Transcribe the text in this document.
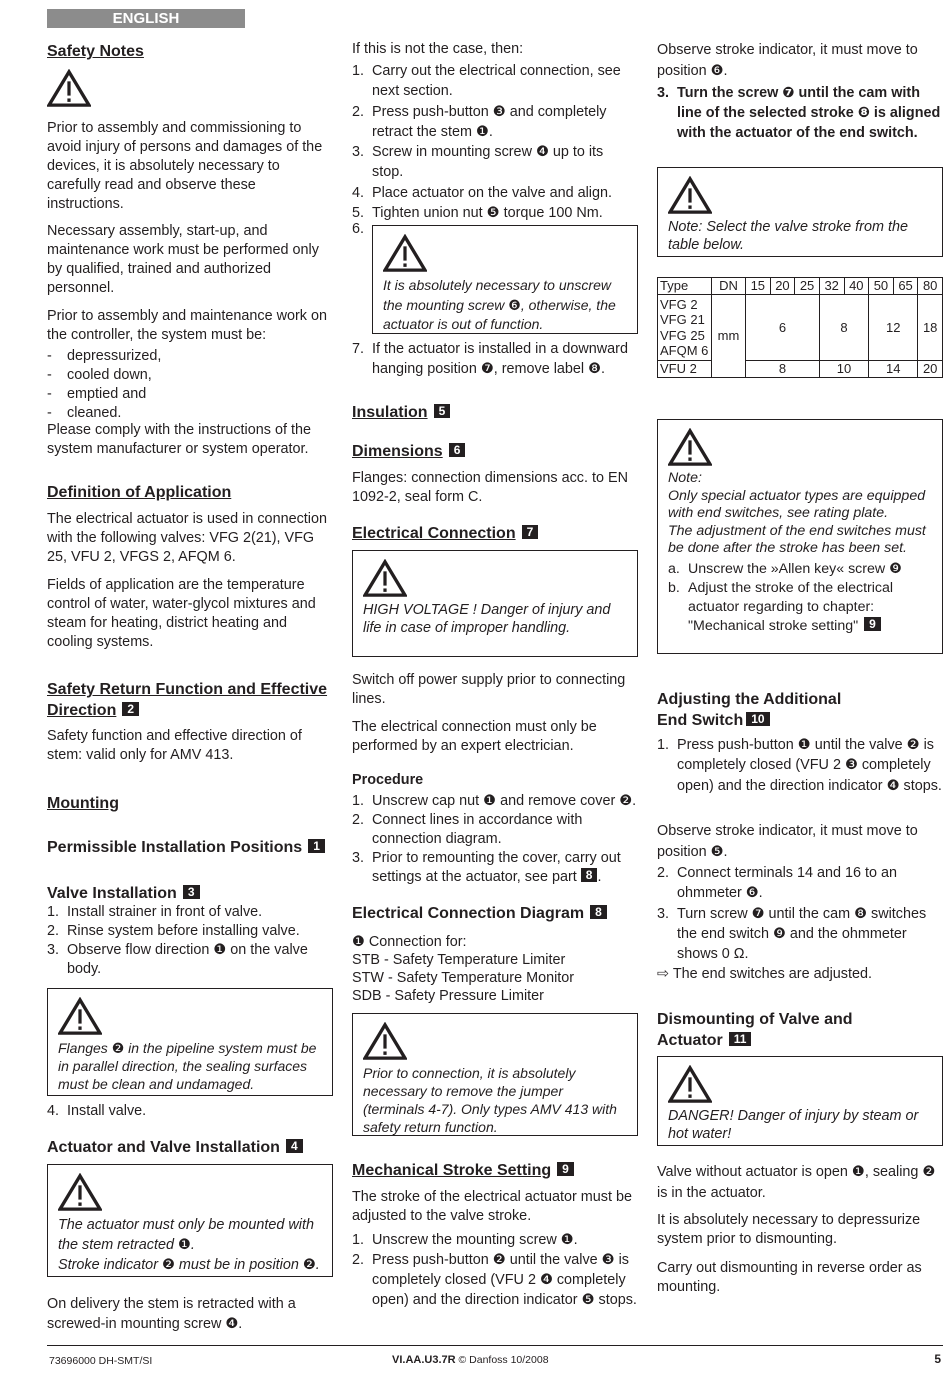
ENGLISH
Safety Notes
Prior to assembly and commissioning to avoid injury of persons and damages of the devices, it is absolutely necessary to carefully read and observe these instructions.
Necessary assembly, start-up, and maintenance work must be performed only by qualified, trained and authorized personnel.
Prior to assembly and maintenance work on the controller, the system must be:
- depressurized,
- cooled down,
- emptied and
- cleaned.
Please comply with the instructions of the system manufacturer or system operator.
Definition of Application
The electrical actuator is used in connection with the following valves: VFG 2(21), VFG 25, VFU 2, VFGS 2, AFQM 6.
Fields of application are the temperature control of water, water-glycol mixtures and steam for heating, district heating and cooling systems.
Safety Return Function and Effective
Direction 2
Safety function and effective direction of stem: valid only for AMV 413.
Mounting
Permissible Installation Positions 1
Valve Installation 3
1. Install strainer in front of valve.
2. Rinse system before installing valve.
3. Observe flow direction ❶ on the valve body.
Flanges ❷ in the pipeline system must be in parallel direction, the sealing surfaces must be clean and undamaged.
4. Install valve.
Actuator and Valve Installation 4
The actuator must only be mounted with the stem retracted ❶.
Stroke indicator ❷ must be in position ❷.
On delivery the stem is retracted with a screwed-in mounting screw ❹.
If this is not the case, then:
1. Carry out the electrical connection, see next section.
2. Press push-button ❸ and completely retract the stem ❶.
3. Screw in mounting screw ❹ up to its stop.
4. Place actuator on the valve and align.
5. Tighten union nut ❺ torque 100 Nm.
6.
It is absolutely necessary to unscrew the mounting screw ❻, otherwise, the actuator is out of function.
7. If the actuator is installed in a downward hanging position ❼, remove label ❽.
Insulation 5
Dimensions 6
Flanges: connection dimensions acc. to EN 1092-2, seal form C.
Electrical Connection 7
HIGH VOLTAGE ! Danger of injury and life in case of improper handling.
Switch off power supply prior to connecting lines.
The electrical connection must only be performed by an expert electrician.
Procedure
1. Unscrew cap nut ❶ and remove cover ❷.
2. Connect lines in accordance with connection diagram.
3. Prior to remounting the cover, carry out settings at the actuator, see part 8 .
Electrical Connection Diagram 8
❶ Connection for:
STB - Safety Temperature Limiter
STW - Safety Temperature Monitor
SDB - Safety Pressure Limiter
Prior to connection, it is absolutely necessary to remove the jumper (terminals 4-7). Only types AMV 413 with safety return function.
Mechanical Stroke Setting 9
The stroke of the electrical actuator must be adjusted to the valve stroke.
1. Unscrew the mounting screw ❶.
2. Press push-button ❷ until the valve ❸ is completely closed (VFU 2 ❹ completely open) and the direction indicator ❺ stops.
Observe stroke indicator, it must move to position ❻.
3. Turn the screw ❼ until the cam with line of the selected stroke ❽ is aligned with the actuator of the end switch.
Note: Select the valve stroke from the table below.
Type	DN	15	20	25	32	40	50	65	80
VFG 2
VFG 21
VFG 25
AFQM 6	mm	6			8		12		18
VFU 2		8			10		14		20
Note:
Only special actuator types are equipped with end switches, see rating plate.
The adjustment of the end switches must be done after the stroke has been set.
a. Unscrew the »Allen key« screw ❾
b. Adjust the stroke of the electrical actuator regarding to chapter: "Mechanical stroke setting" 9
Adjusting the Additional
End Switch 10
1. Press push-button ❶ until the valve ❷ is completely closed (VFU 2 ❸ completely open) and the direction indicator ❹ stops.
Observe stroke indicator, it must move to position ❺.
2. Connect terminals 14 and 16 to an ohmmeter ❻.
3. Turn screw ❼ until the cam ❽ switches the end switch ❾ and the ohmmeter shows 0 Ω.
⇨ The end switches are adjusted.
Dismounting of Valve and
Actuator 11
DANGER! Danger of injury by steam or hot water!
Valve without actuator is open ❶, sealing ❷ is in the actuator.
It is absolutely necessary to depressurize system prior to dismounting.
Carry out dismounting in reverse order as mounting.
73696000 DH-SMT/SI	VI.AA.U3.7R © Danfoss 10/2008	5
